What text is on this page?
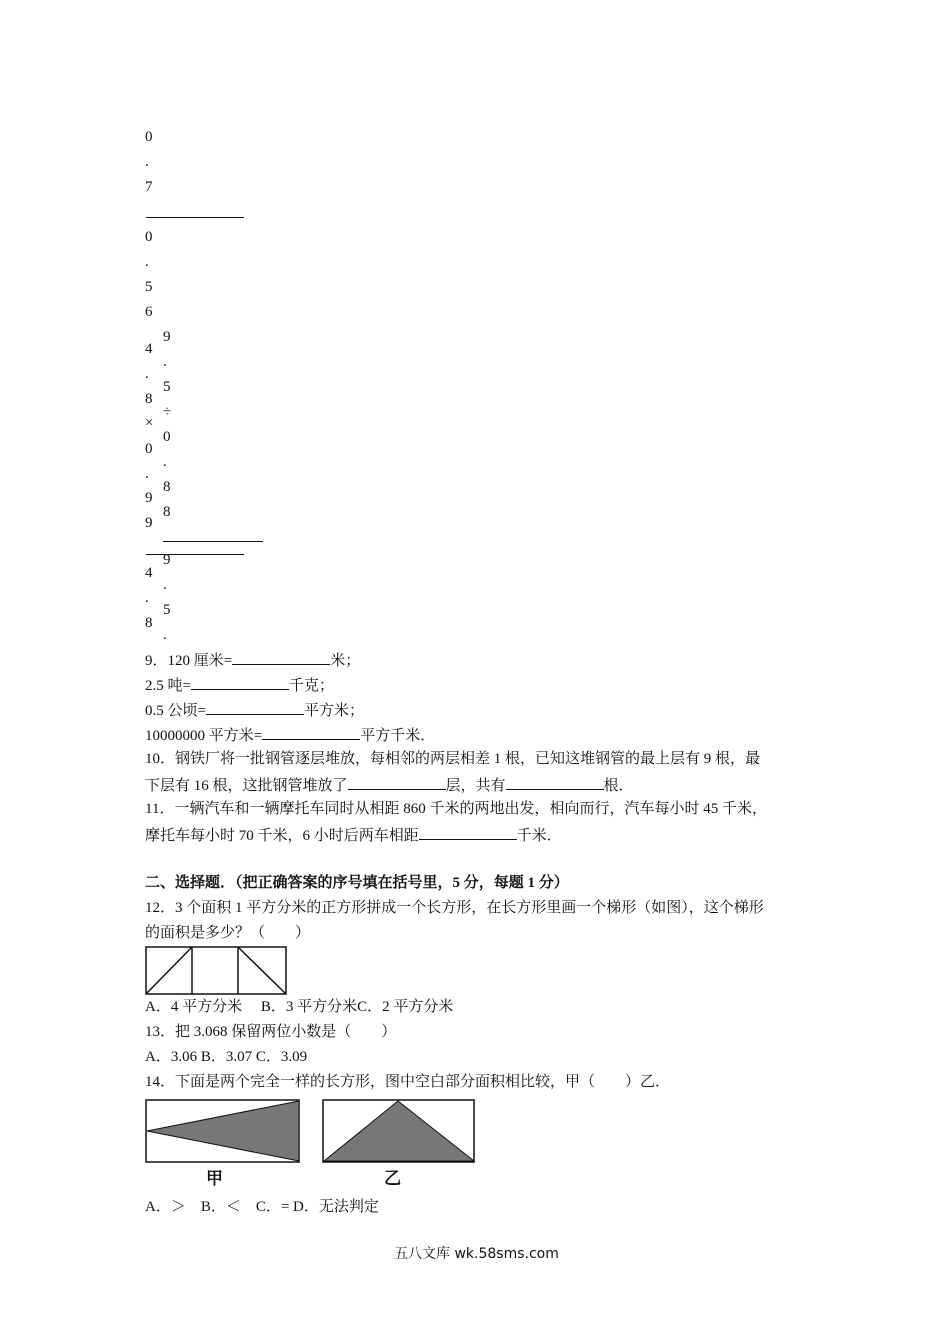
0
.
7
0
.
5
6
4
.
8
×
0
.
9
9
4
.
8
9
.
5
÷
0
.
8
8
9
.
5
.
9．120 厘米=	米；
2.5 吨=	千克；
0.5 公顷=	平方米；
10000000 平方米=	平方千米．
10．钢铁厂将一批钢管逐层堆放，每相邻的两层相差 1 根，已知这堆钢管的最上层有 9 根，最
下层有 16 根，这批钢管堆放了	层，共有	根．
11．一辆汽车和一辆摩托车同时从相距 860 千米的两地出发，相向而行，汽车每小时 45 千米，
摩托车每小时 70 千米，6 小时后两车相距	千米．
二、选择题．（把正确答案的序号填在括号里，5 分，每题 1 分）
12．3 个面积 1 平方分米的正方形拼成一个长方形，在长方形里画一个梯形（如图），这个梯形
的面积是多少？（　　）
A．4 平方分米　 B．3 平方分米C．2 平方分米
13．把 3.068 保留两位小数是（　　）
A．3.06 B．3.07 C．3.09
14．下面是两个完全一样的长方形，图中空白部分面积相比较，甲（　　）乙．
甲	乙
A．＞　B．＜　C．= D．无法判定
五八文库 wk.58sms.com
